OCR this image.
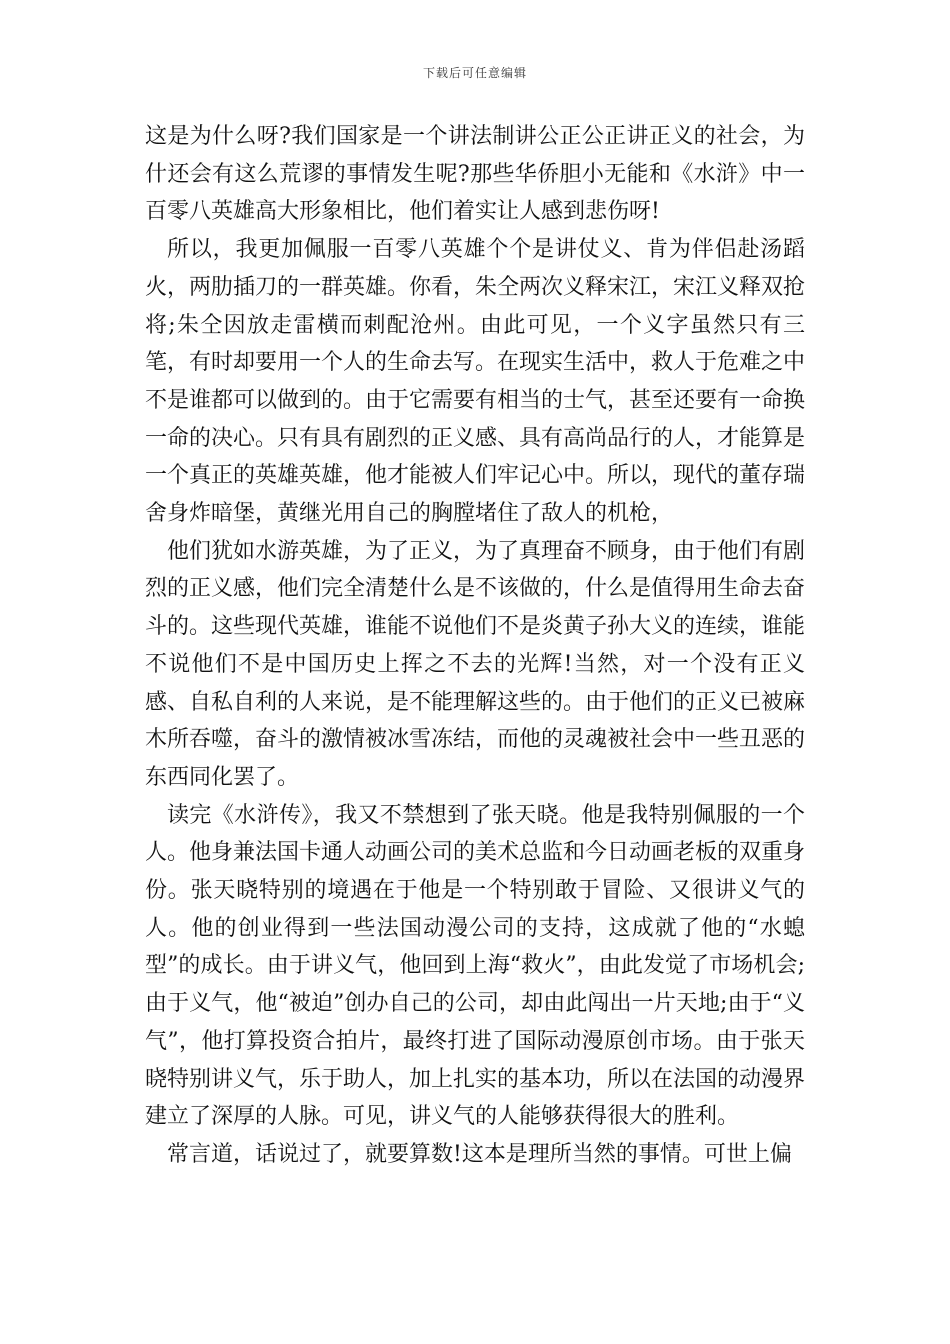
下载后可任意编辑

这是为什么呀?我们国家是一个讲法制讲公正公正讲正义的社会，为什还会有这么荒谬的事情发生呢?那些华侨胆小无能和《水浒》中一百零八英雄高大形象相比，他们着实让人感到悲伤呀!

所以，我更加佩服一百零八英雄个个是讲仗义、肯为伴侣赴汤蹈火，两肋插刀的一群英雄。你看，朱仝两次义释宋江，宋江义释双抢将;朱仝因放走雷横而刺配沧州。由此可见，一个义字虽然只有三笔，有时却要用一个人的生命去写。在现实生活中，救人于危难之中不是谁都可以做到的。由于它需要有相当的士气，甚至还要有一命换一命的决心。只有具有剧烈的正义感、具有高尚品行的人，才能算是一个真正的英雄英雄，他才能被人们牢记心中。所以，现代的董存瑞舍身炸暗堡，黄继光用自己的胸膛堵住了敌人的机枪，

他们犹如水游英雄，为了正义，为了真理奋不顾身，由于他们有剧烈的正义感，他们完全清楚什么是不该做的，什么是值得用生命去奋斗的。这些现代英雄，谁能不说他们不是炎黄子孙大义的连续，谁能不说他们不是中国历史上挥之不去的光辉!当然，对一个没有正义感、自私自利的人来说，是不能理解这些的。由于他们的正义已被麻木所吞噬，奋斗的激情被冰雪冻结，而他的灵魂被社会中一些丑恶的东西同化罢了。

读完《水浒传》，我又不禁想到了张天晓。他是我特别佩服的一个人。他身兼法国卡通人动画公司的美术总监和今日动画老板的双重身份。张天晓特别的境遇在于他是一个特别敢于冒险、又很讲义气的人。他的创业得到一些法国动漫公司的支持，这成就了他的“水螅型”的成长。由于讲义气，他回到上海“救火”，由此发觉了市场机会;由于义气，他“被迫”创办自己的公司，却由此闯出一片天地;由于“义气”，他打算投资合拍片，最终打进了国际动漫原创市场。由于张天晓特别讲义气，乐于助人，加上扎实的基本功，所以在法国的动漫界建立了深厚的人脉。可见，讲义气的人能够获得很大的胜利。

常言道，话说过了，就要算数!这本是理所当然的事情。可世上偏
